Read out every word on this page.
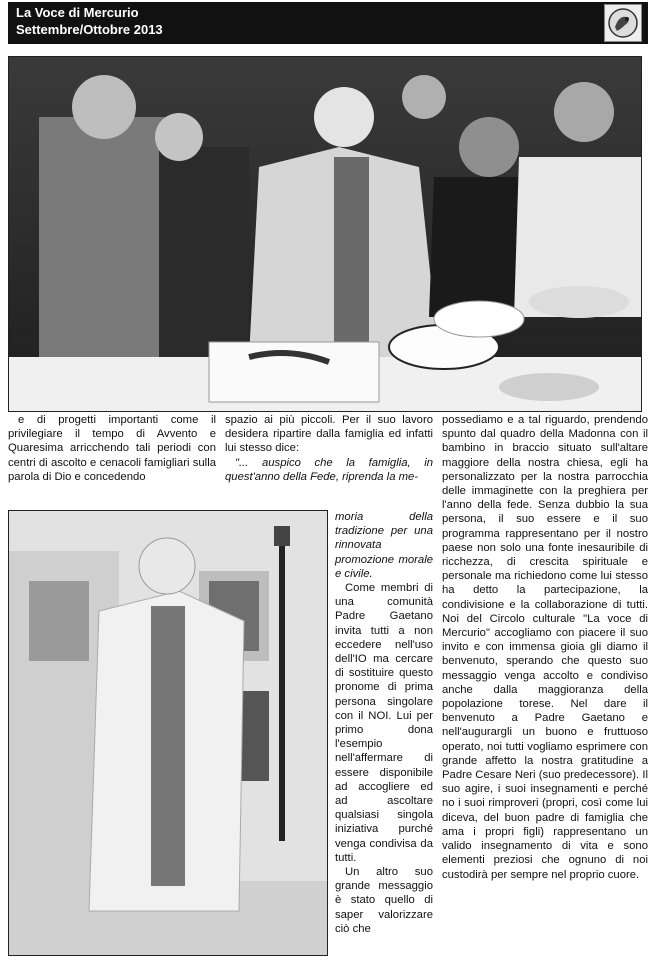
La Voce di Mercurio
Settembre/Ottobre 2013

e di progetti importanti come il privilegiare il tempo di Avvento e Quaresima arricchendo tali periodi con centri di ascolto e cenacoli famigliari sulla parola di Dio e concedendo

spazio ai più piccoli. Per il suo lavoro desidera ripartire dalla famiglia ed infatti lui stesso dice:

"... auspico che la famiglia, in quest'anno della Fede, riprenda la me-

moria della tradizione per una rinnovata promozione morale e civile.

Come membri di una comunità Padre Gaetano invita tutti a non eccedere nell'uso dell'IO ma cercare di sostituire questo pronome di prima persona singolare con il NOI. Lui per primo dona l'esempio nell'affermare di essere disponibile ad accogliere ed ad ascoltare qualsiasi singola iniziativa purché venga condivisa da tutti.

Un altro suo grande messaggio è stato quello di saper valorizzare ciò che

possediamo e a tal riguardo, prendendo spunto dal quadro della Madonna con il bambino in braccio situato sull'altare maggiore della nostra chiesa, egli ha personalizzato per la nostra parrocchia delle immaginette con la preghiera per l'anno della fede. Senza dubbio la sua persona, il suo essere e il suo programma rappresentano per il nostro paese non solo una fonte inesauribile di ricchezza, di crescita spirituale e personale ma richiedono come lui stesso ha detto la partecipazione, la condivisione e la collaborazione di tutti. Noi del Circolo culturale "La voce di Mercurio" accogliamo con piacere il suo invito e con immensa gioia gli diamo il benvenuto, sperando che questo suo messaggio venga accolto e condiviso anche dalla maggioranza della popolazione torese. Nel dare il benvenuto a Padre Gaetano e nell'augurargli un buono e fruttuoso operato, noi tutti vogliamo esprimere con grande affetto la nostra gratitudine a Padre Cesare Neri (suo predecessore). Il suo agire, i suoi insegnamenti e perché no i suoi rimproveri (propri, così come lui diceva, del buon padre di famiglia che ama i propri figli) rappresentano un valido insegnamento di vita e sono elementi preziosi che ognuno di noi custodirà per sempre nel proprio cuore.
